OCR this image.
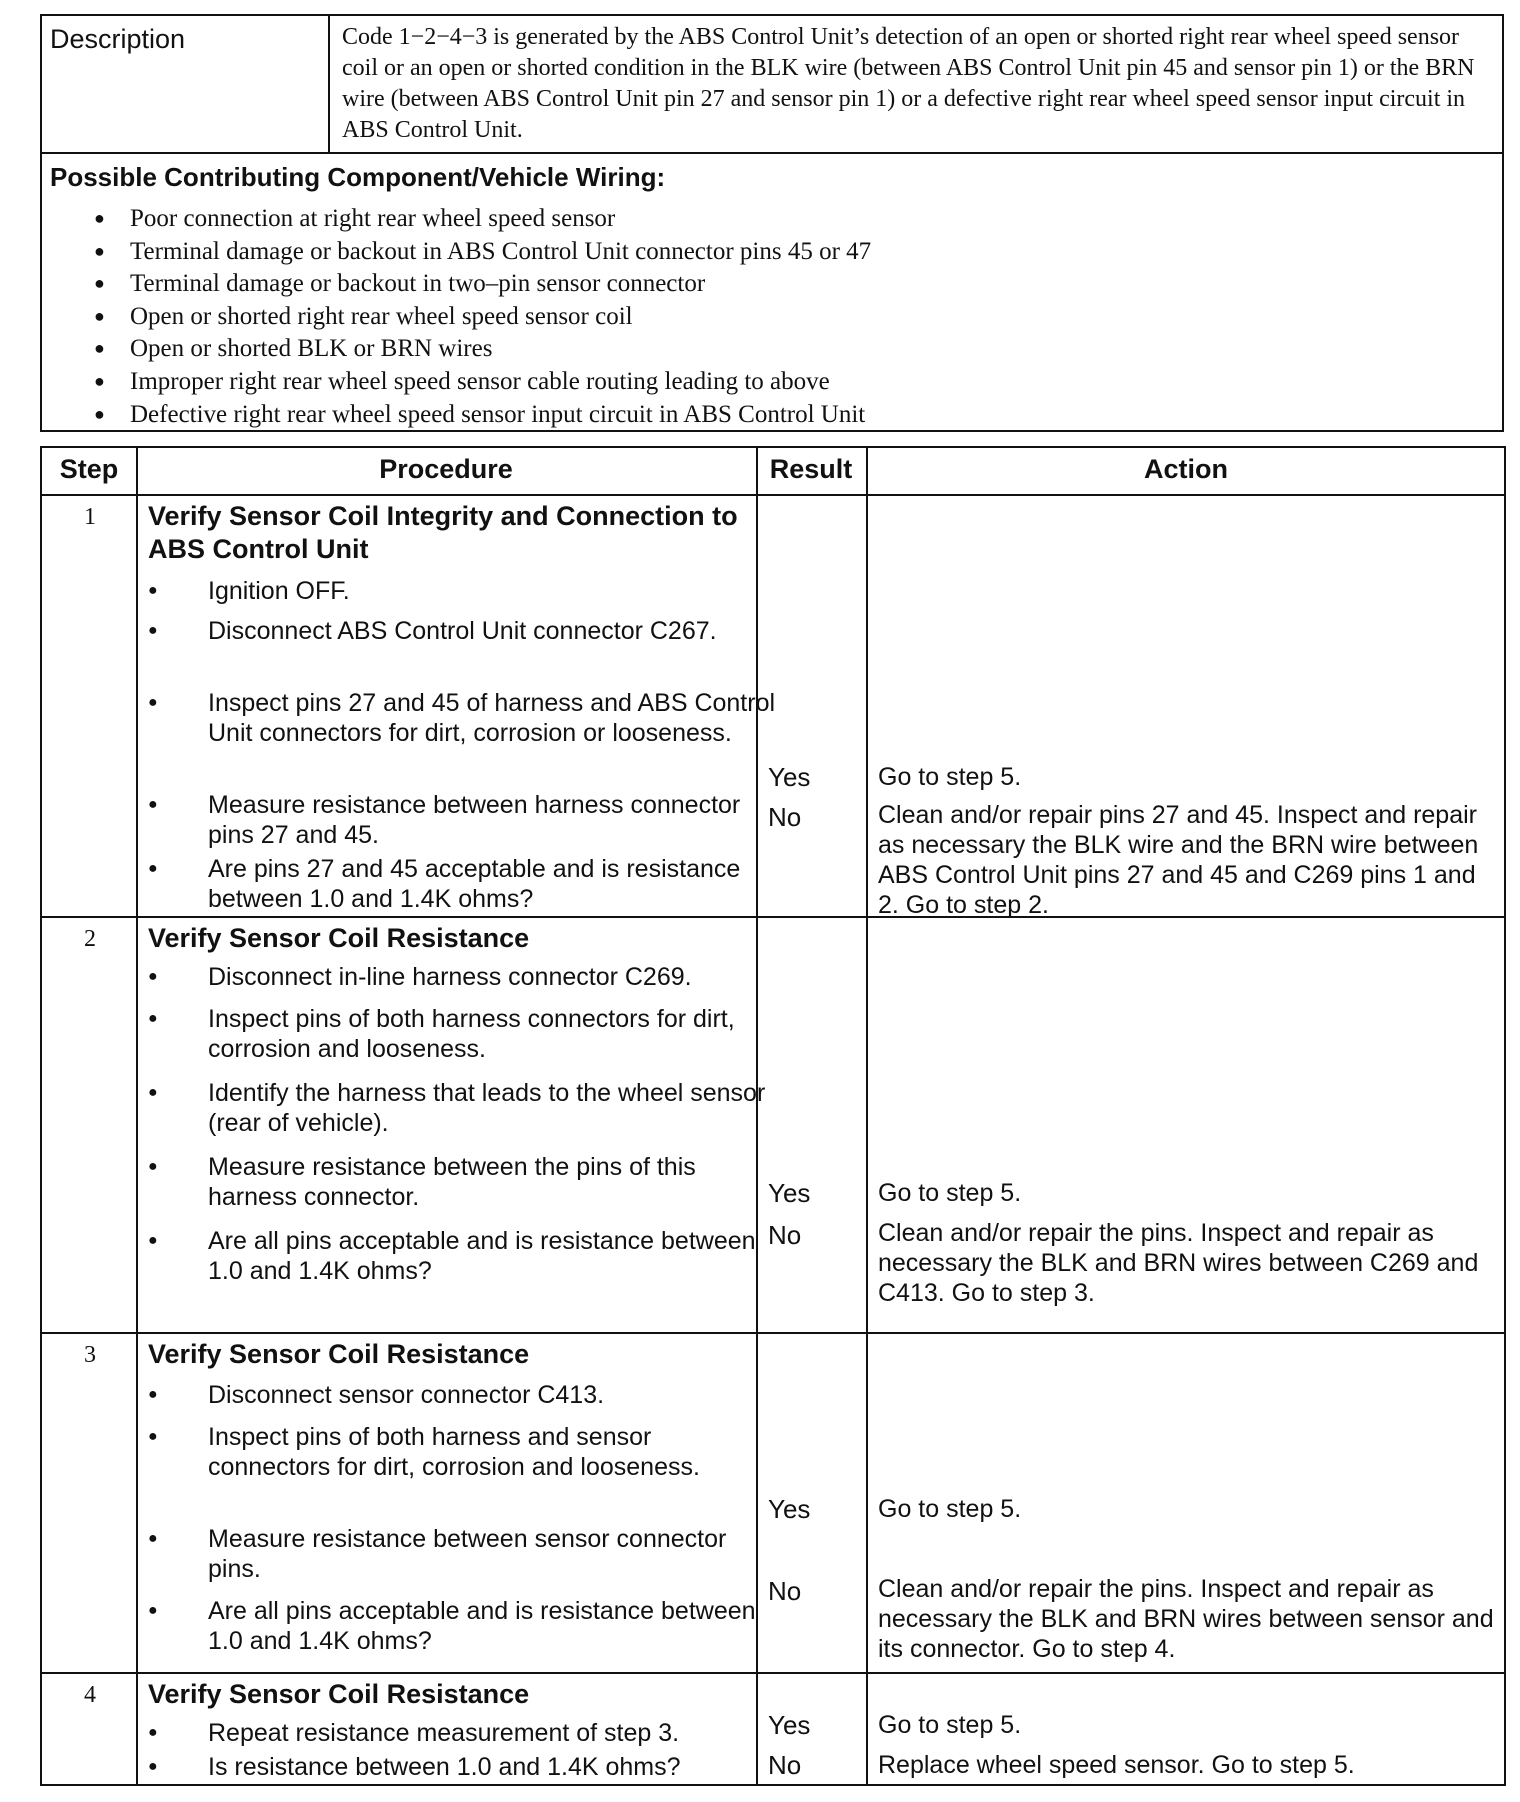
Description	Code 1−2−4−3 is generated by the ABS Control Unit’s detection of an open or shorted right rear wheel speed sensor coil or an open or shorted condition in the BLK wire (between ABS Control Unit pin 45 and sensor pin 1) or the BRN wire (between ABS Control Unit pin 27 and sensor pin 1) or a defective right rear wheel speed sensor input circuit in ABS Control Unit.
Possible Contributing Component/Vehicle Wiring:
● Poor connection at right rear wheel speed sensor
● Terminal damage or backout in ABS Control Unit connector pins 45 or 47
● Terminal damage or backout in two–pin sensor connector
● Open or shorted right rear wheel speed sensor coil
● Open or shorted BLK or BRN wires
● Improper right rear wheel speed sensor cable routing leading to above
● Defective right rear wheel speed sensor input circuit in ABS Control Unit
Step	Procedure	Result	Action
1	Verify Sensor Coil Integrity and Connection to ABS Control Unit
●	Ignition OFF.
●	Disconnect ABS Control Unit connector C267.
●	Inspect pins 27 and 45 of harness and ABS Control Unit connectors for dirt, corrosion or looseness.
●	Measure resistance between harness connector pins 27 and 45.
●	Are pins 27 and 45 acceptable and is resistance between 1.0 and 1.4K ohms?
Yes	Go to step 5.
No	Clean and/or repair pins 27 and 45. Inspect and repair as necessary the BLK wire and the BRN wire between ABS Control Unit pins 27 and 45 and C269 pins 1 and 2. Go to step 2.
2	Verify Sensor Coil Resistance
●	Disconnect in-line harness connector C269.
●	Inspect pins of both harness connectors for dirt, corrosion and looseness.
●	Identify the harness that leads to the wheel sensor (rear of vehicle).
●	Measure resistance between the pins of this harness connector.
●	Are all pins acceptable and is resistance between 1.0 and 1.4K ohms?
Yes	Go to step 5.
No	Clean and/or repair the pins. Inspect and repair as necessary the BLK and BRN wires between C269 and C413. Go to step 3.
3	Verify Sensor Coil Resistance
●	Disconnect sensor connector C413.
●	Inspect pins of both harness and sensor connectors for dirt, corrosion and looseness.
●	Measure resistance between sensor connector pins.
●	Are all pins acceptable and is resistance between 1.0 and 1.4K ohms?
Yes	Go to step 5.
No	Clean and/or repair the pins. Inspect and repair as necessary the BLK and BRN wires between sensor and its connector. Go to step 4.
4	Verify Sensor Coil Resistance
●	Repeat resistance measurement of step 3.
●	Is resistance between 1.0 and 1.4K ohms?
Yes	Go to step 5.
No	Replace wheel speed sensor. Go to step 5.
